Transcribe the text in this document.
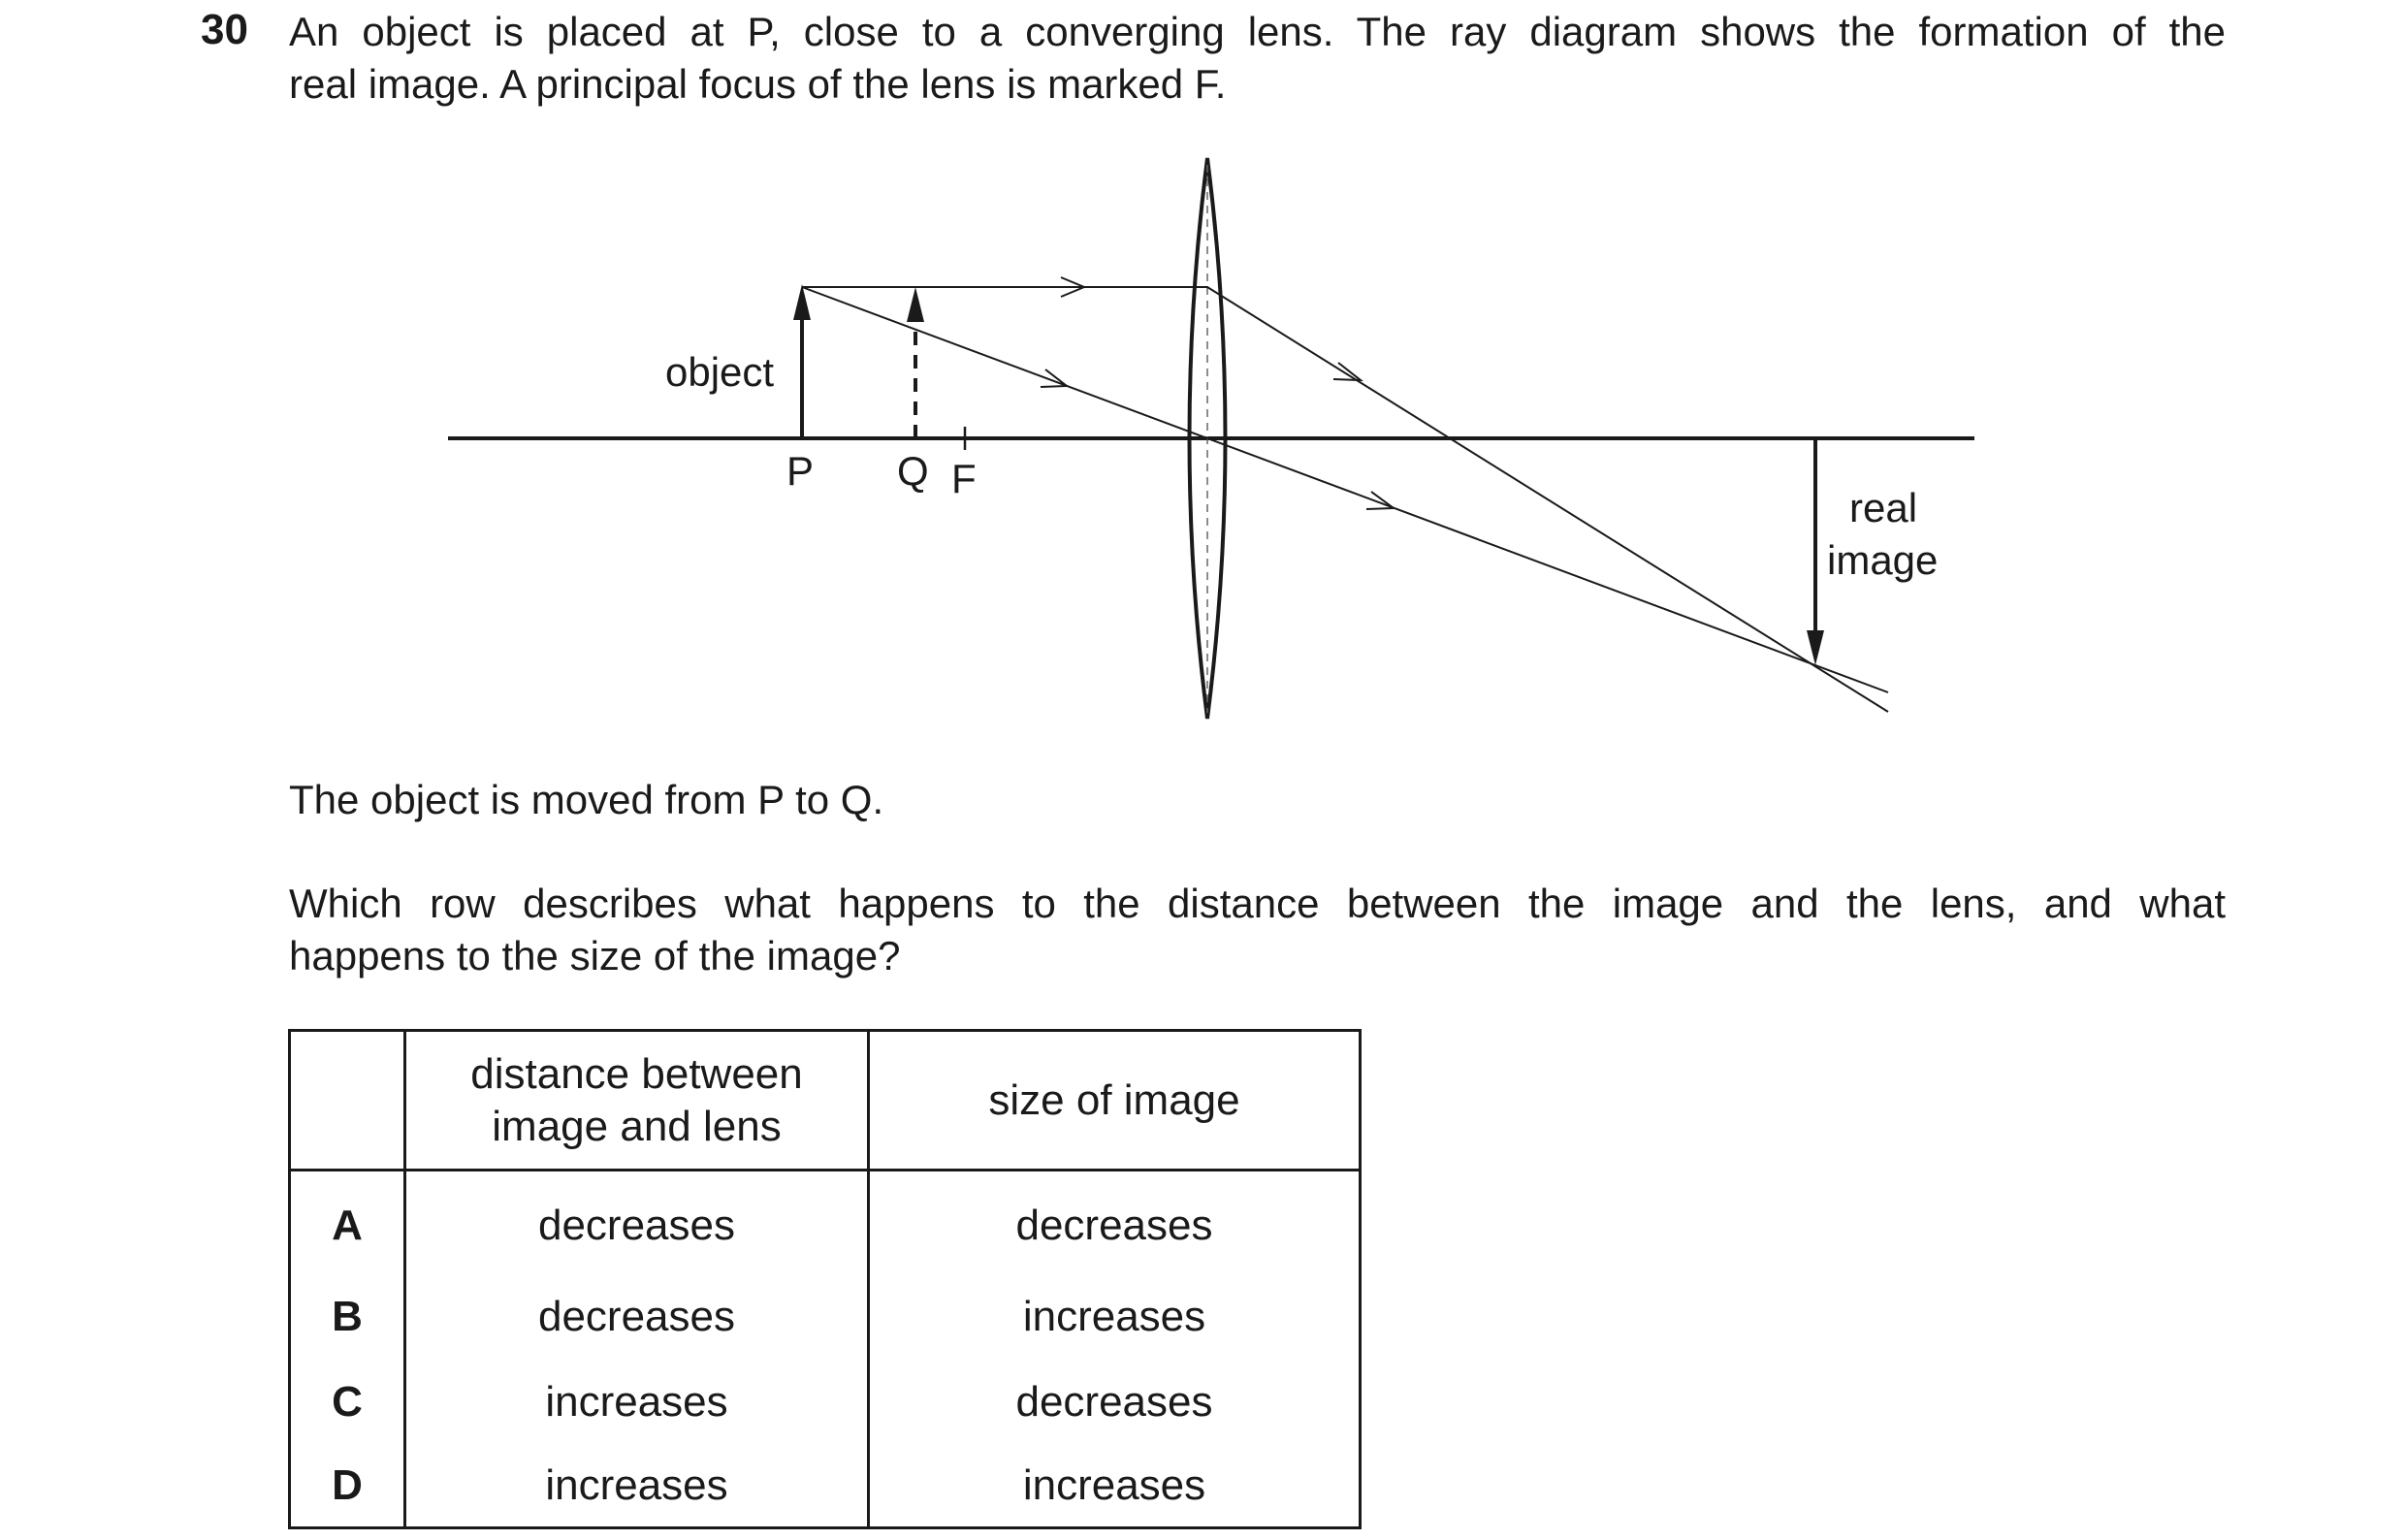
30 An object is placed at P, close to a converging lens. The ray diagram shows the formation of the
real image. A principal focus of the lens is marked F.
object
P Q F
real
image
The object is moved from P to Q.
Which row describes what happens to the distance between the image and the lens, and what
happens to the size of the image?
	distance between
image and lens	size of image
A	decreases	decreases
B	decreases	increases
C	increases	decreases
D	increases	increases
